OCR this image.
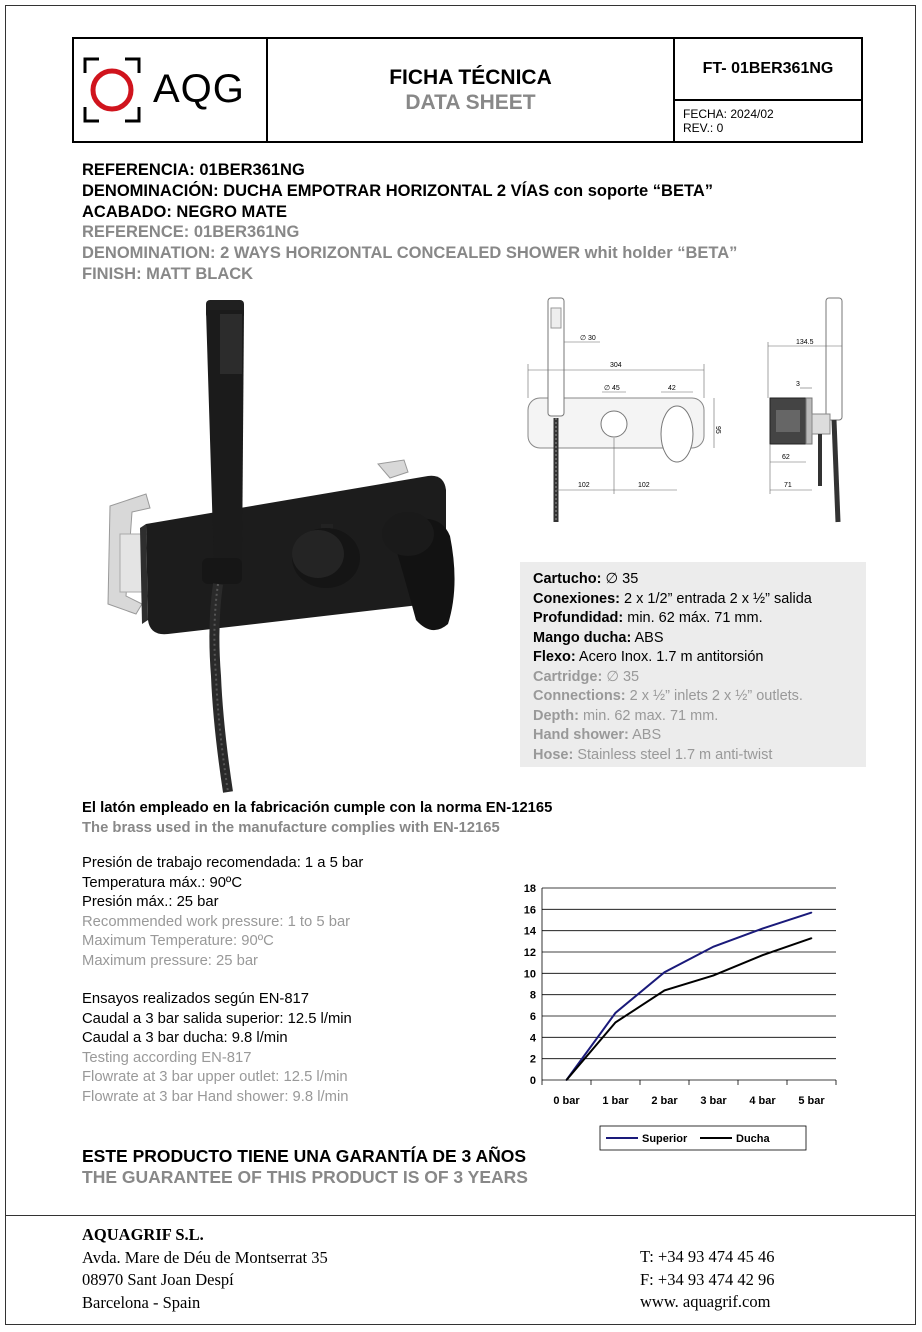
AQG	FICHA TÉCNICA
DATA SHEET
FT- 01BER361NG
FECHA: 2024/02
REV.: 0
REFERENCIA: 01BER361NG
DENOMINACIÓN: DUCHA EMPOTRAR HORIZONTAL 2 VÍAS con soporte “BETA”
ACABADO: NEGRO MATE
REFERENCE: 01BER361NG
DENOMINATION: 2 WAYS HORIZONTAL CONCEALED SHOWER whit holder “BETA”
FINISH: MATT BLACK
∅ 30
304
∅ 45	42
95
102	102
134.5
3
62
71
Cartucho: ∅ 35
Conexiones: 2 x 1/2” entrada 2 x ½” salida
Profundidad: min. 62 máx. 71 mm.
Mango ducha: ABS
Flexo: Acero Inox. 1.7 m antitorsión
Cartridge: ∅ 35
Connections: 2 x ½” inlets 2 x ½” outlets.
Depth: min. 62 max. 71 mm.
Hand shower: ABS
Hose: Stainless steel 1.7 m anti-twist
El latón empleado en la fabricación cumple con la norma EN-12165
The brass used in the manufacture complies with EN-12165
Presión de trabajo recomendada: 1 a 5 bar
Temperatura máx.: 90ºC
Presión máx.: 25 bar
Recommended work pressure: 1 to 5 bar
Maximum Temperature: 90ºC
Maximum pressure: 25 bar
Ensayos realizados según EN-817
Caudal a 3 bar salida superior: 12.5 l/min
Caudal a 3 bar ducha: 9.8 l/min
Testing according EN-817
Flowrate at 3 bar upper outlet: 12.5 l/min
Flowrate at 3 bar Hand shower: 9.8 l/min
0
2
4
6
8
10
12
14
16
18
0 bar 1 bar 2 bar 3 bar 4 bar 5 bar
Superior	Ducha
ESTE PRODUCTO TIENE UNA GARANTÍA DE 3 AÑOS
THE GUARANTEE OF THIS PRODUCT IS OF 3 YEARS
AQUAGRIF S.L.
Avda. Mare de Déu de Montserrat 35
08970 Sant Joan Despí
Barcelona - Spain
T: +34 93 474 45 46
F: +34 93 474 42 96
www. aquagrif.com
